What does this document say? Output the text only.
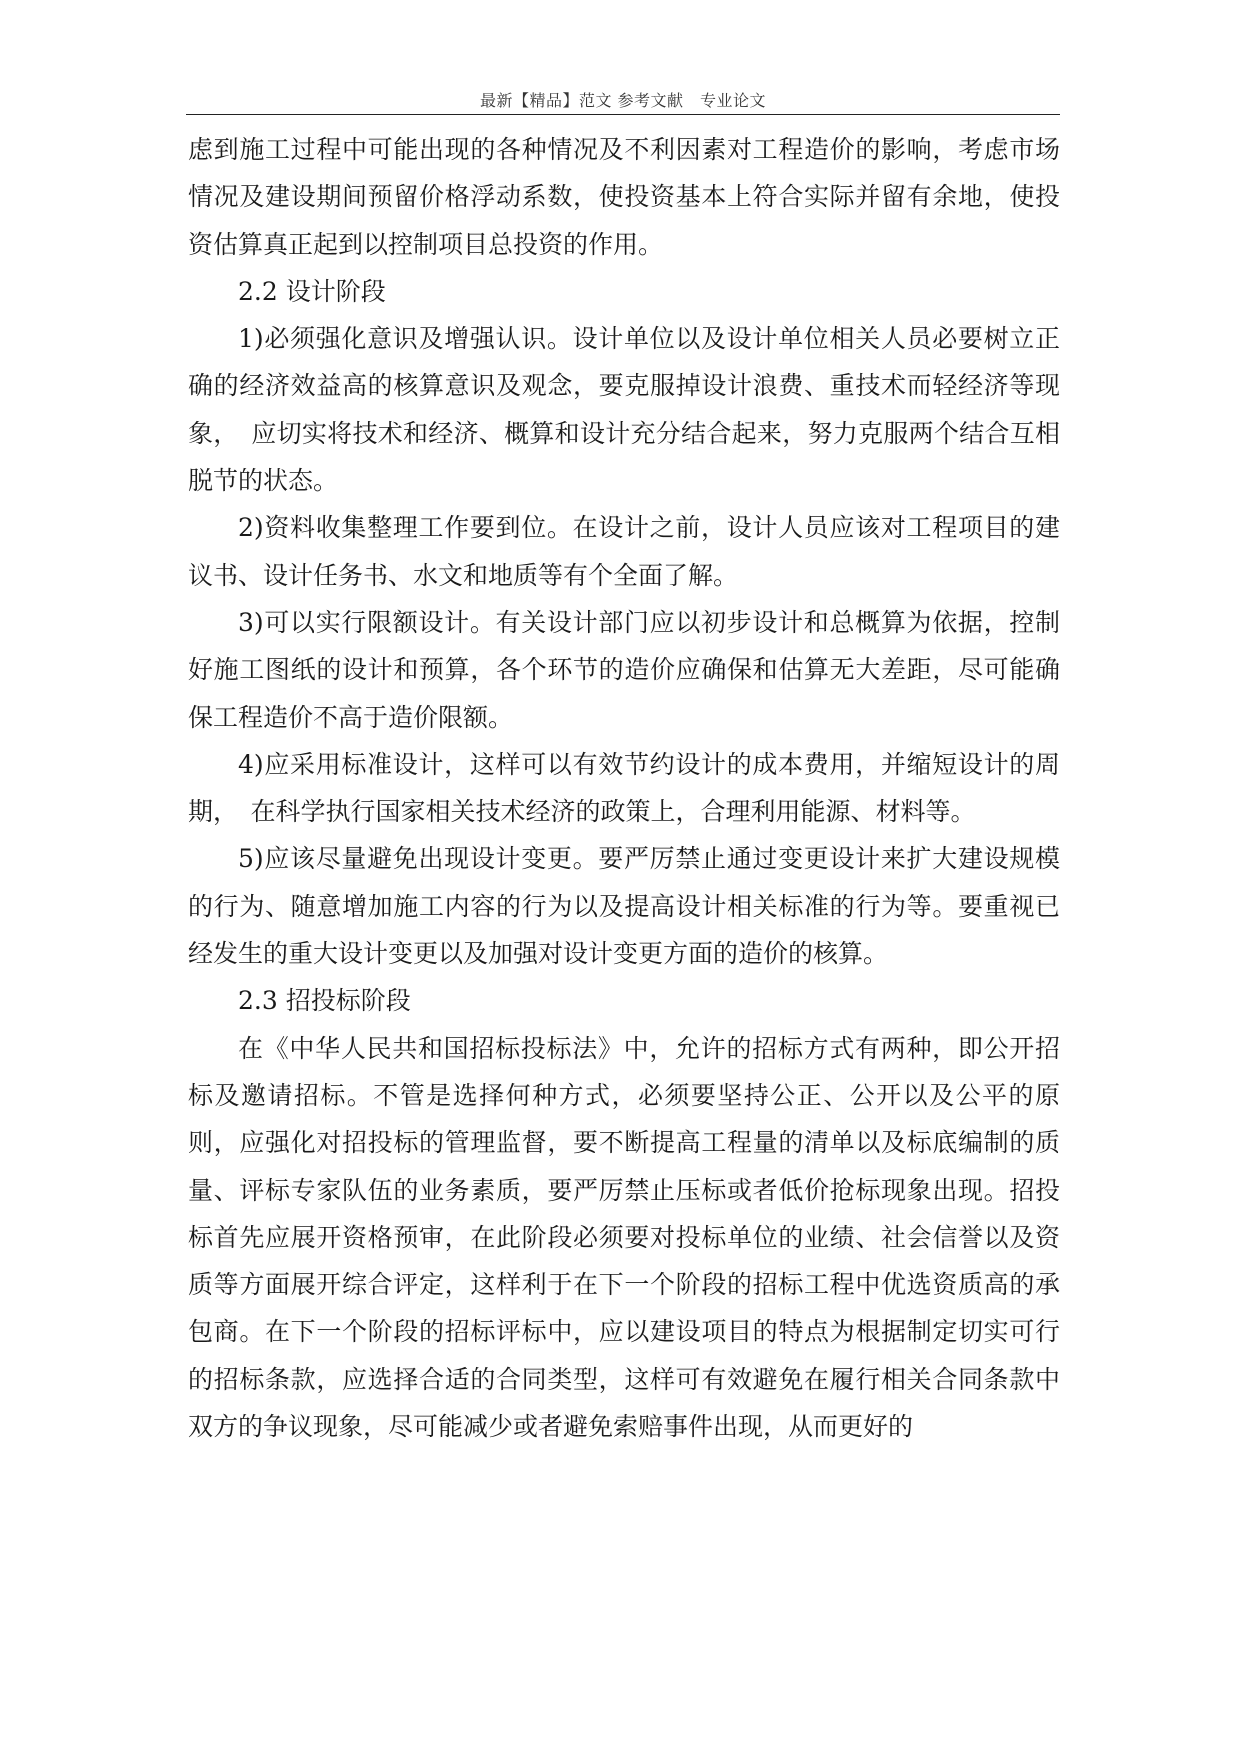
最新【精品】范文 参考文献　专业论文

虑到施工过程中可能出现的各种情况及不利因素对工程造价的影响，考虑市场情况及建设期间预留价格浮动系数，使投资基本上符合实际并留有余地，使投资估算真正起到以控制项目总投资的作用。

2.2 设计阶段

1)必须强化意识及增强认识。设计单位以及设计单位相关人员必要树立正确的经济效益高的核算意识及观念，要克服掉设计浪费、重技术而轻经济等现象，　应切实将技术和经济、概算和设计充分结合起来，努力克服两个结合互相脱节的状态。

2)资料收集整理工作要到位。在设计之前，设计人员应该对工程项目的建议书、设计任务书、水文和地质等有个全面了解。

3)可以实行限额设计。有关设计部门应以初步设计和总概算为依据，控制好施工图纸的设计和预算，各个环节的造价应确保和估算无大差距，尽可能确保工程造价不高于造价限额。

4)应采用标准设计，这样可以有效节约设计的成本费用，并缩短设计的周期，　在科学执行国家相关技术经济的政策上，合理利用能源、材料等。

5)应该尽量避免出现设计变更。要严厉禁止通过变更设计来扩大建设规模的行为、随意增加施工内容的行为以及提高设计相关标准的行为等。要重视已经发生的重大设计变更以及加强对设计变更方面的造价的核算。

2.3 招投标阶段

在《中华人民共和国招标投标法》中，允许的招标方式有两种，即公开招标及邀请招标。不管是选择何种方式，必须要坚持公正、公开以及公平的原则，应强化对招投标的管理监督，要不断提高工程量的清单以及标底编制的质量、评标专家队伍的业务素质，要严厉禁止压标或者低价抢标现象出现。招投标首先应展开资格预审，在此阶段必须要对投标单位的业绩、社会信誉以及资质等方面展开综合评定，这样利于在下一个阶段的招标工程中优选资质高的承包商。在下一个阶段的招标评标中，应以建设项目的特点为根据制定切实可行的招标条款，应选择合适的合同类型，这样可有效避免在履行相关合同条款中双方的争议现象，尽可能减少或者避免索赔事件出现，从而更好的
